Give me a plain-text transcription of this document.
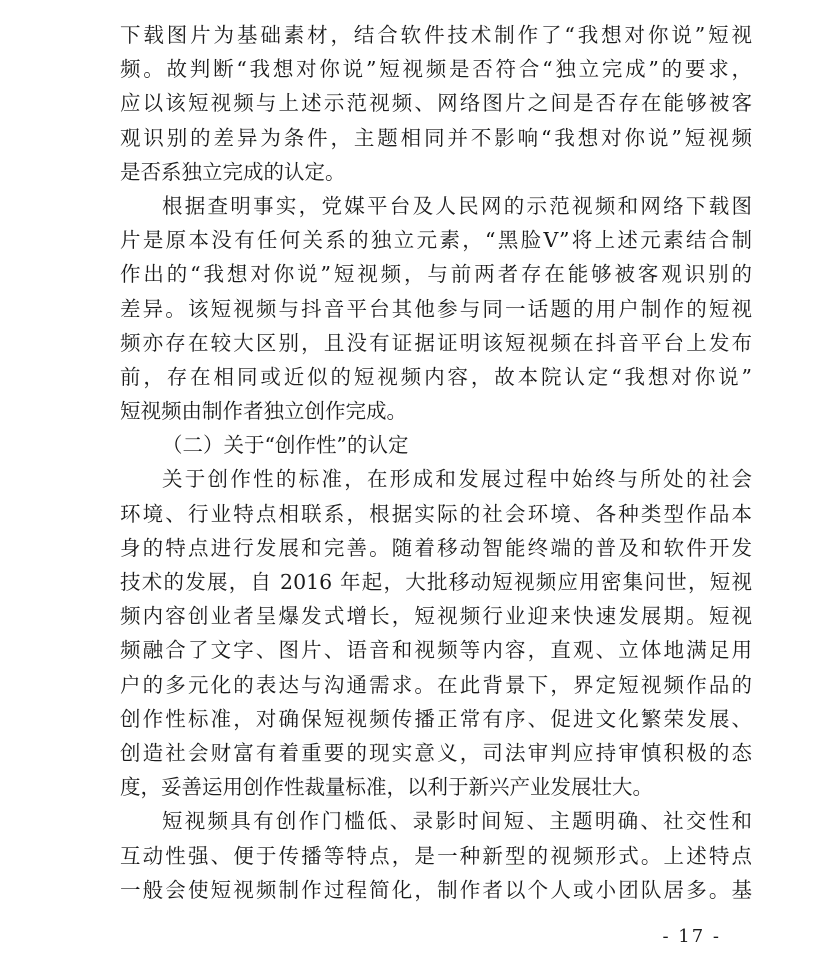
下载图片为基础素材，结合软件技术制作了“我想对你说”短视
频。故判断“我想对你说”短视频是否符合“独立完成”的要求，
应以该短视频与上述示范视频、网络图片之间是否存在能够被客
观识别的差异为条件，主题相同并不影响“我想对你说”短视频
是否系独立完成的认定。
根据查明事实，党媒平台及人民网的示范视频和网络下载图
片是原本没有任何关系的独立元素，“黑脸V”将上述元素结合制
作出的“我想对你说”短视频，与前两者存在能够被客观识别的
差异。该短视频与抖音平台其他参与同一话题的用户制作的短视
频亦存在较大区别，且没有证据证明该短视频在抖音平台上发布
前，存在相同或近似的短视频内容，故本院认定“我想对你说”
短视频由制作者独立创作完成。
（二）关于“创作性”的认定
关于创作性的标准，在形成和发展过程中始终与所处的社会
环境、行业特点相联系，根据实际的社会环境、各种类型作品本
身的特点进行发展和完善。随着移动智能终端的普及和软件开发
技术的发展，自 2016 年起，大批移动短视频应用密集问世，短视
频内容创业者呈爆发式增长，短视频行业迎来快速发展期。短视
频融合了文字、图片、语音和视频等内容，直观、立体地满足用
户的多元化的表达与沟通需求。在此背景下，界定短视频作品的
创作性标准，对确保短视频传播正常有序、促进文化繁荣发展、
创造社会财富有着重要的现实意义，司法审判应持审慎积极的态
度，妥善运用创作性裁量标准，以利于新兴产业发展壮大。
短视频具有创作门槛低、录影时间短、主题明确、社交性和
互动性强、便于传播等特点，是一种新型的视频形式。上述特点
一般会使短视频制作过程简化，制作者以个人或小团队居多。基
- 17 -
